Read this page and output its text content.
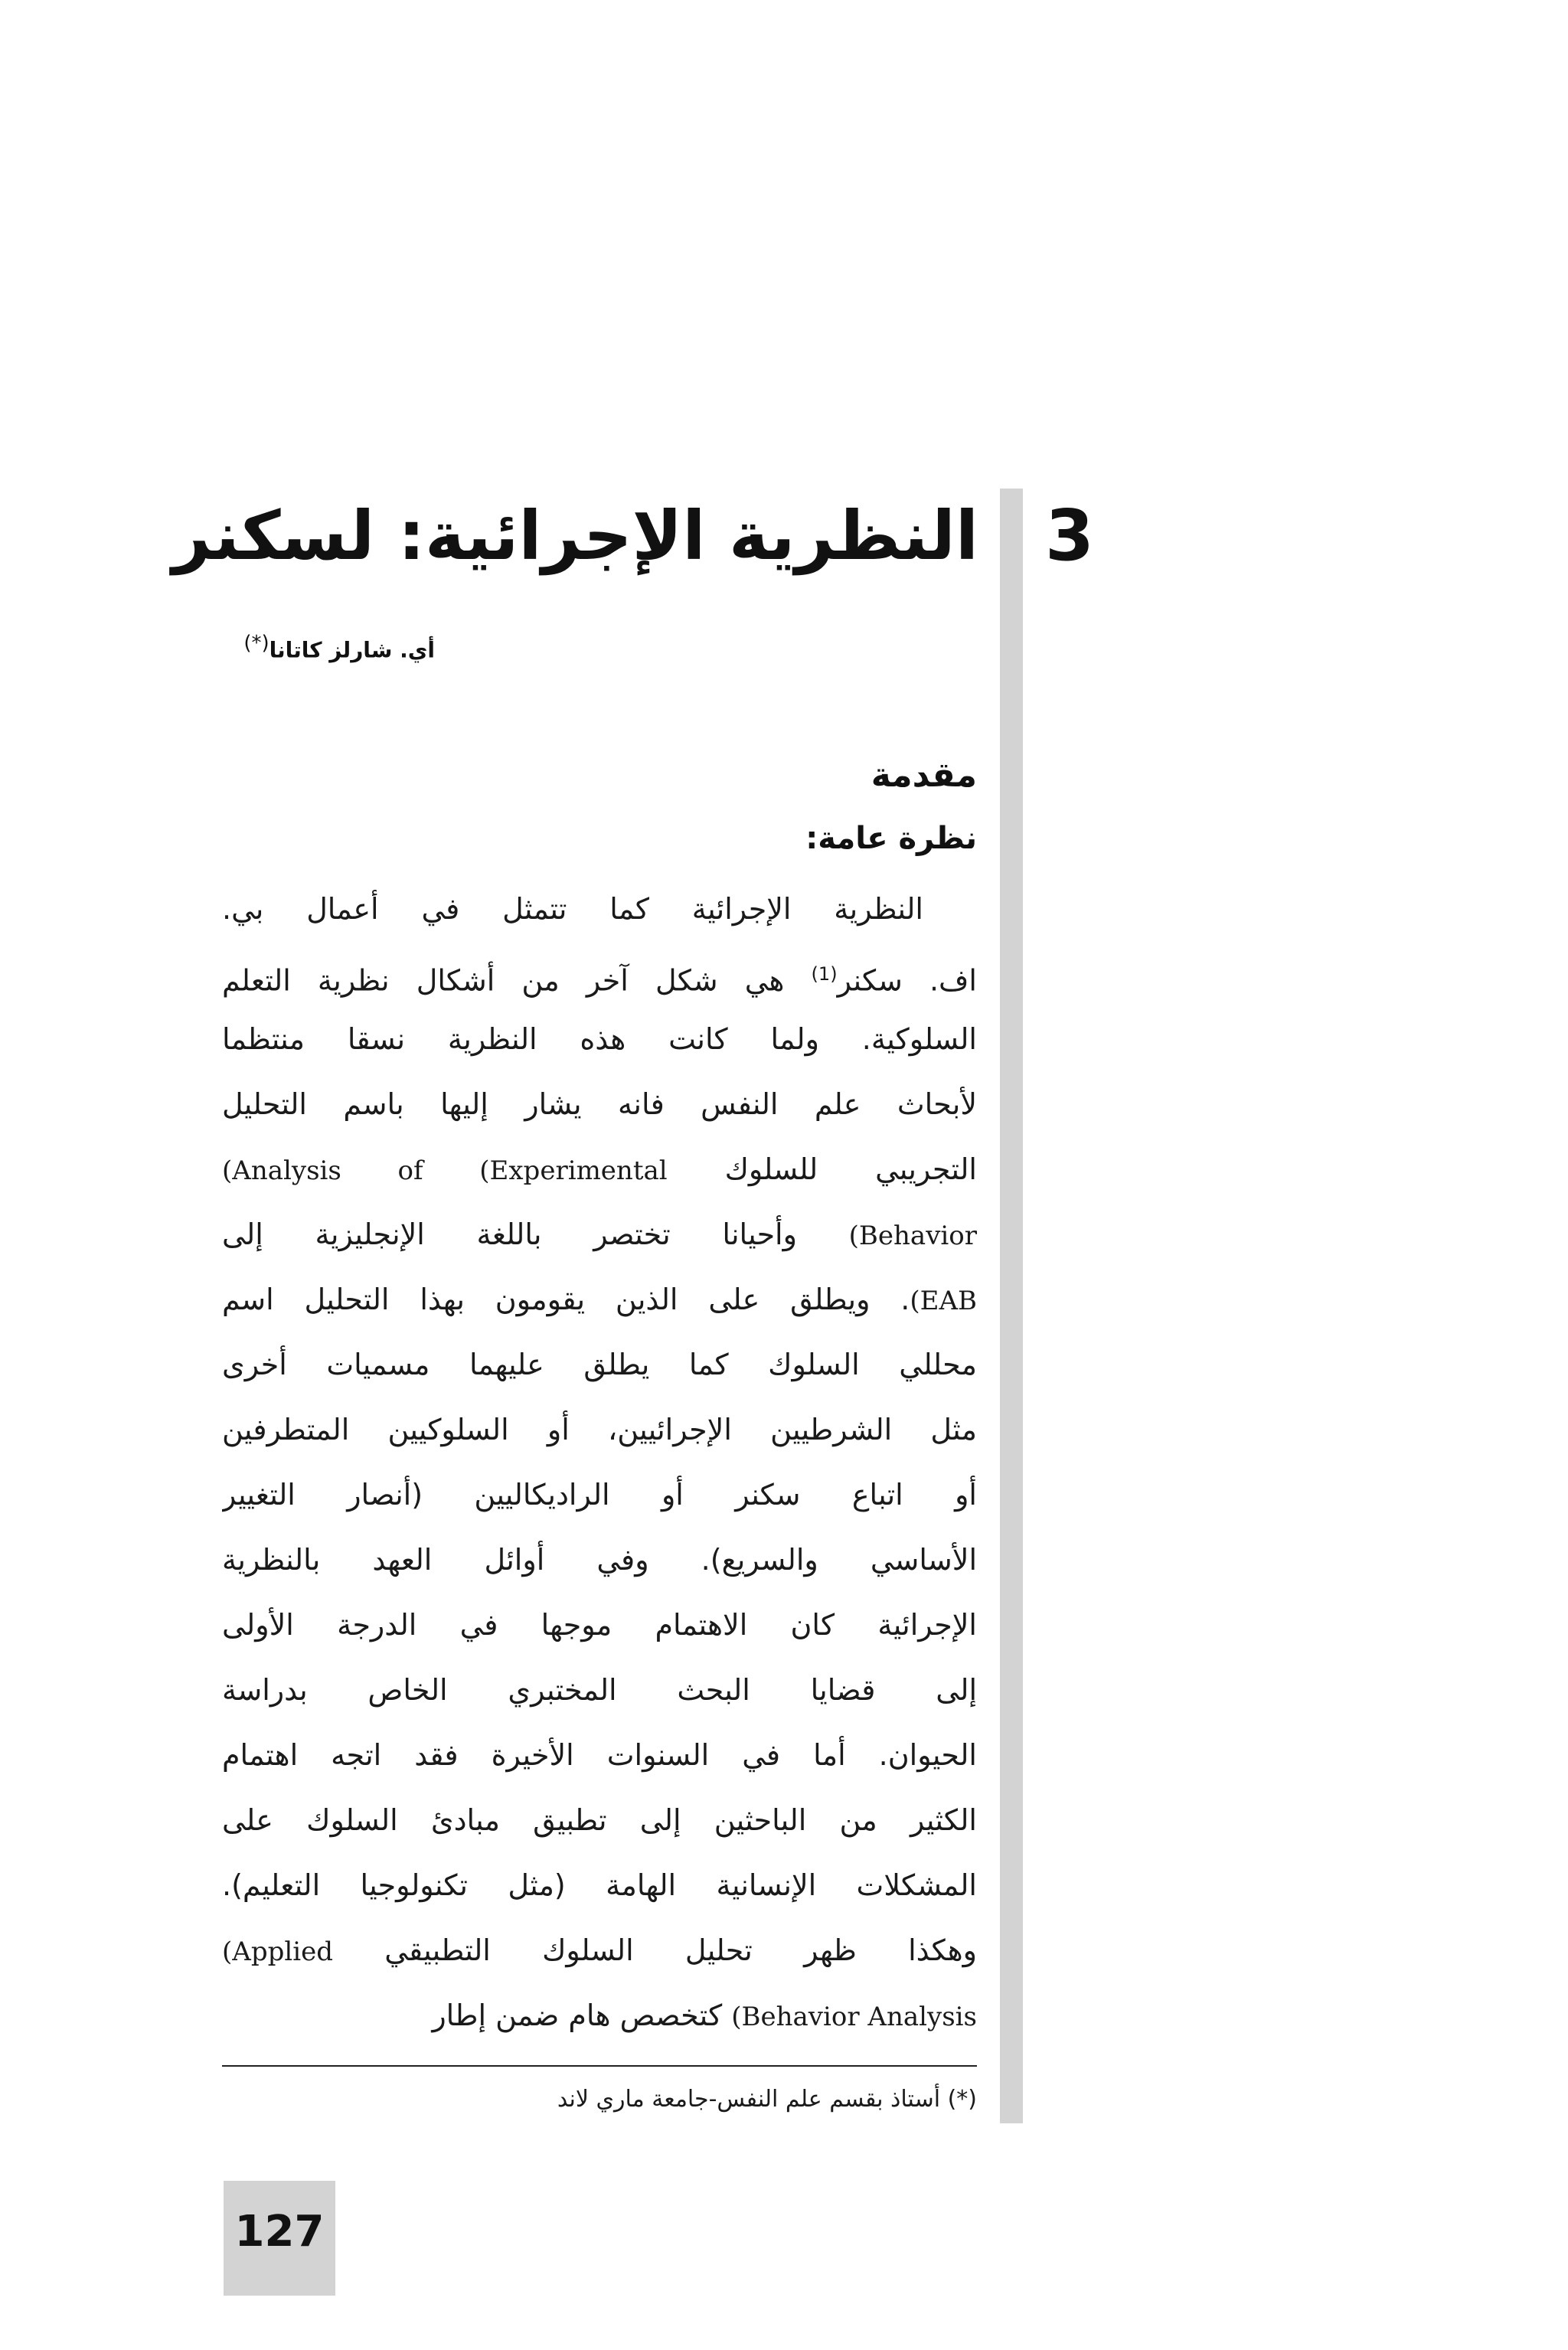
3
النظرية الإجرائية: لسكنر
أي. شارلز كاتانا(*)
مقدمة
نظرة عامة:
النظرية الإجرائية كما تتمثل في أعمال بي.
اف. سكنر$^{(1)}$ هي شكل آخر من أشكال نظرية التعلم
السلوكية. ولما كانت هذه النظرية نسقا منتظما
لأبحاث علم النفس فانه يشار إليها باسم التحليل
التجريبي للسلوك (Analysis of (Experimental
(Behavior وأحيانا تختصر باللغة الإنجليزية إلى
(EAB. ويطلق على الذين يقومون بهذا التحليل اسم
محللي السلوك كما يطلق عليهما مسميات أخرى
مثل الشرطيين الإجرائيين، أو السلوكيين المتطرفين
أو اتباع سكنر أو الراديكاليين (أنصار التغيير
الأساسي والسريع). وفي أوائل العهد بالنظرية
الإجرائية كان الاهتمام موجها في الدرجة الأولى
إلى قضايا البحث المختبري الخاص بدراسة
الحيوان. أما في السنوات الأخيرة فقد اتجه اهتمام
الكثير من الباحثين إلى تطبيق مبادئ السلوك على
المشكلات الإنسانية الهامة (مثل تكنولوجيا التعليم).
وهكذا ظهر تحليل السلوك التطبيقي (Applied
(Behavior Analysis كتخصص هام ضمن إطار
(*) أستاذ بقسم علم النفس-جامعة ماري لاند
127
